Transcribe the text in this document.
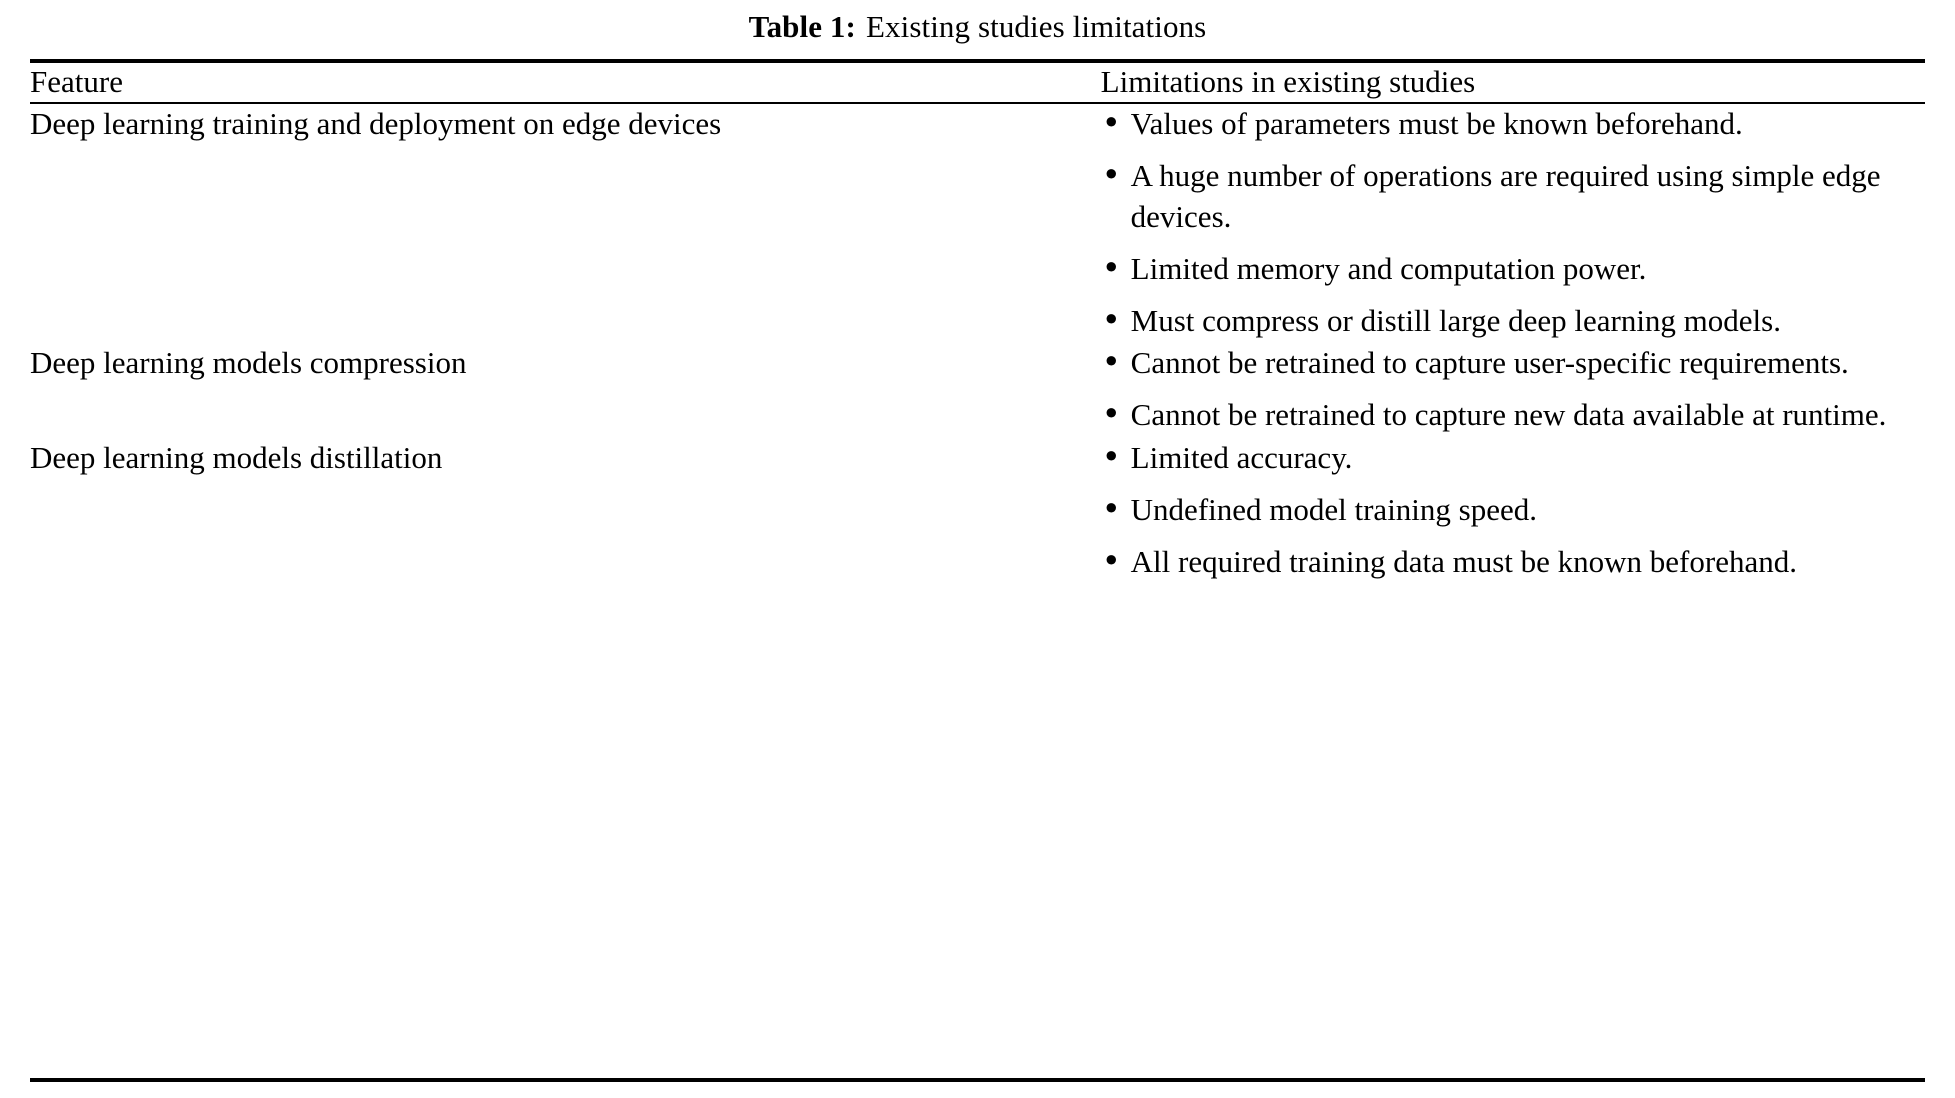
Table 1: Existing studies limitations
Feature	Limitations in existing studies
Deep learning training and deployment on edge devices	● Values of parameters must be known beforehand.
● A huge number of operations are required using simple edge devices.
● Limited memory and computation power.
● Must compress or distill large deep learning models.

Deep learning models compression	● Cannot be retrained to capture user-specific requirements.
● Cannot be retrained to capture new data available at runtime.

Deep learning models distillation	● Limited accuracy.
● Undefined model training speed.
● All required training data must be known beforehand.
